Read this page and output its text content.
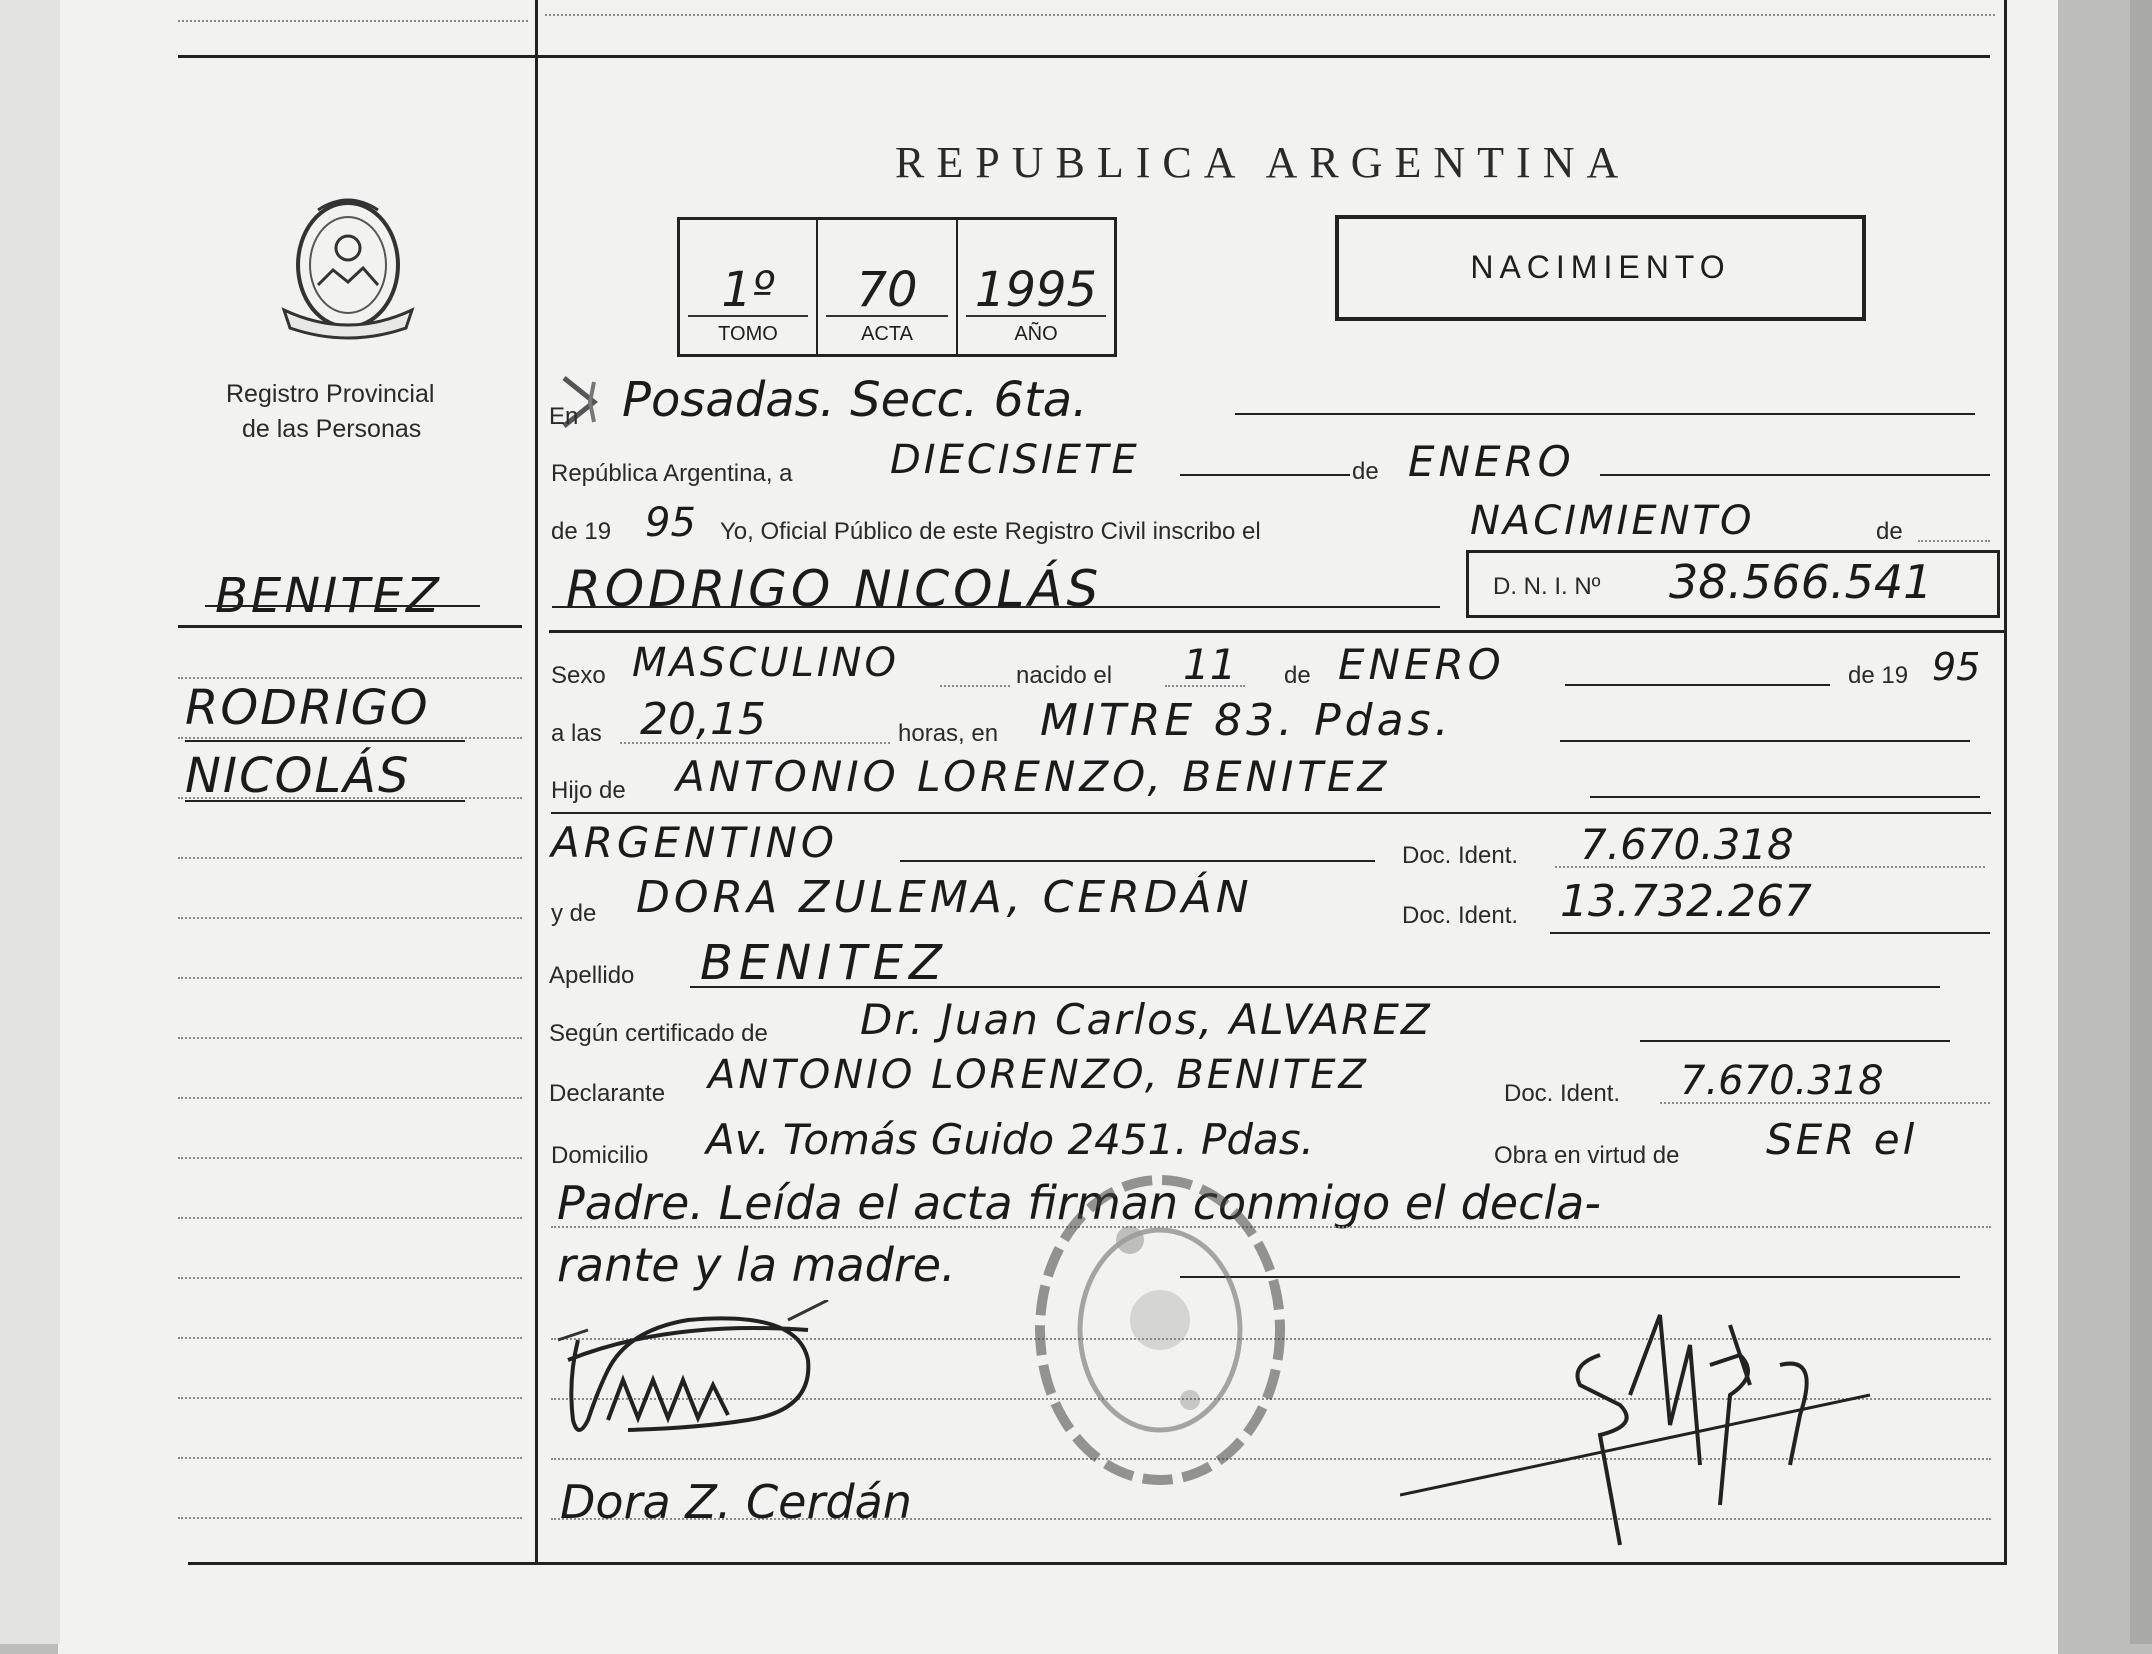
REPUBLICA ARGENTINA
Registro Provincial
de las Personas
1º
TOMO
70
ACTA
1995
AÑO
NACIMIENTO
BENITEZ
RODRIGO
NICOLÁS
En Posadas. Secc. 6ta.
República Argentina, a DIECISIETE	de ENERO
de 19 95 Yo, Oficial Público de este Registro Civil inscribo el	NACIMIENTO	de
RODRIGO NICOLÁS	D. N. I. Nº 38.566.541
Sexo MASCULINO	nacido el 11 de ENERO	de 19 95
a las 20,15	horas, en MITRE 83. Pdas.
Hijo de ANTONIO LORENZO, BENITEZ
ARGENTINO	Doc. Ident. 7.670.318
y de DORA ZULEMA, CERDÁN	Doc. Ident. 13.732.267
Apellido BENITEZ
Según certificado de Dr. Juan Carlos, ALVAREZ
Declarante ANTONIO LORENZO, BENITEZ	Doc. Ident. 7.670.318
Domicilio Av. Tomás Guido 2451. Pdas.	Obra en virtud de SER el
Padre. Leída el acta firman conmigo el decla-
rante y la madre.

Dora Z. Cerdán
